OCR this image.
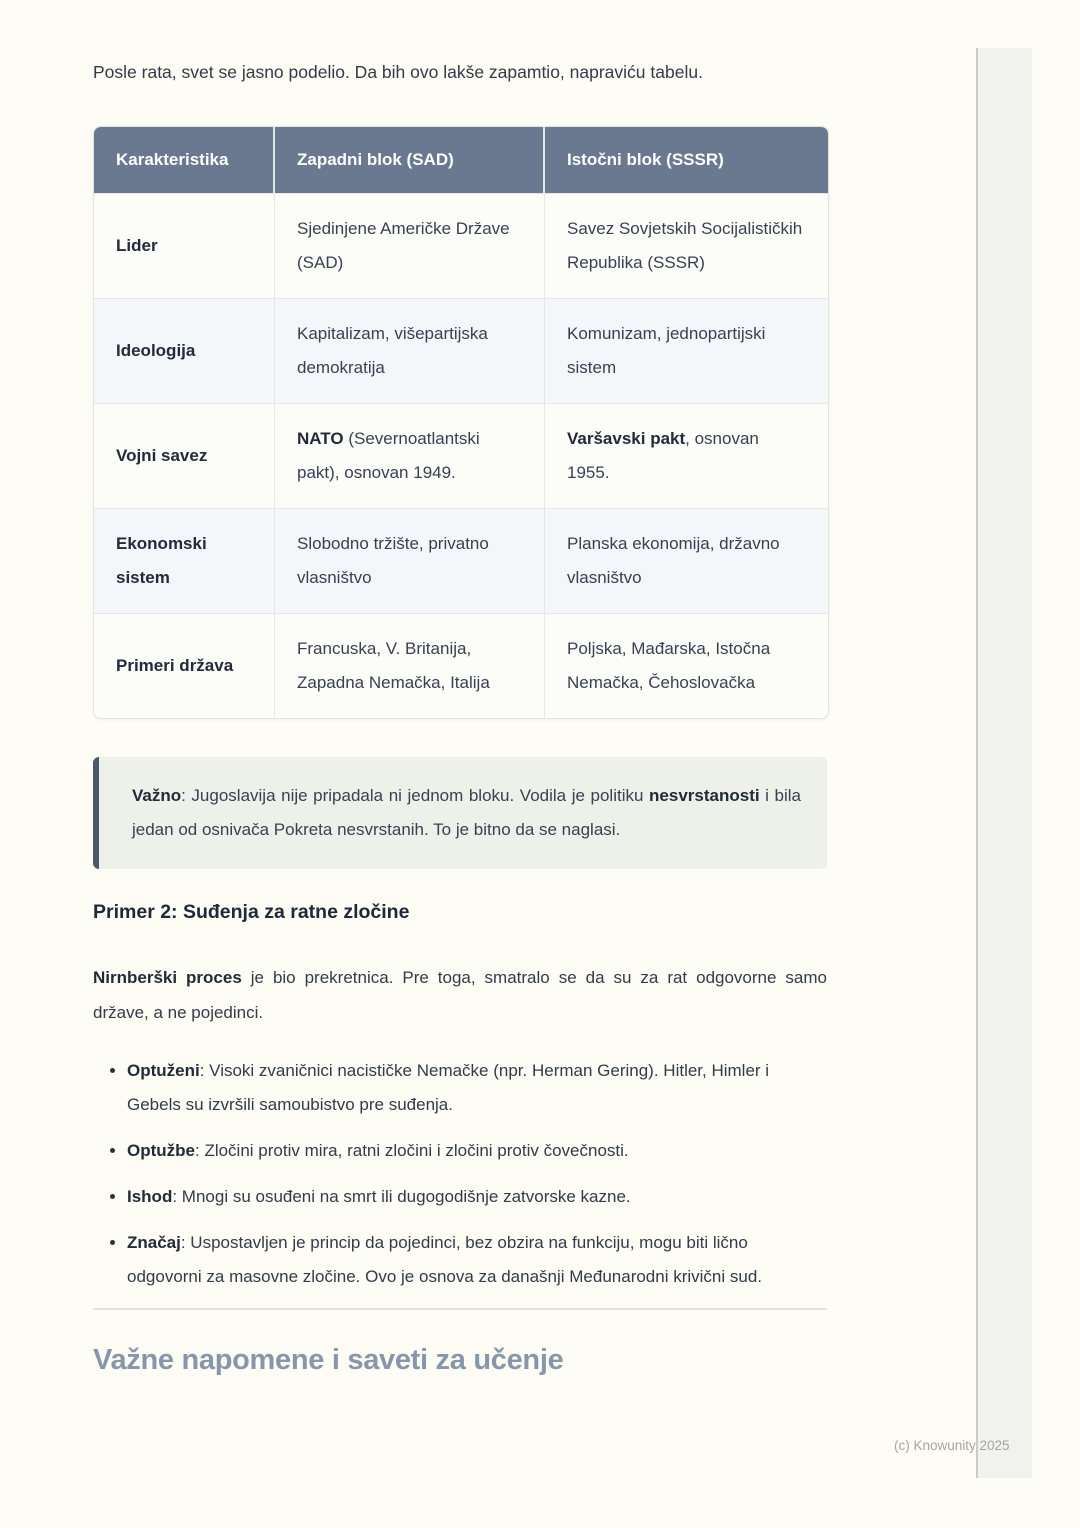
Posle rata, svet se jasno podelio. Da bih ovo lakše zapamtio, napraviću tabelu.

Karakteristika	Zapadni blok (SAD)	Istočni blok (SSSR)
Lider	Sjedinjene Američke Države (SAD)	Savez Sovjetskih Socijalističkih Republika (SSSR)
Ideologija	Kapitalizam, višepartijska demokratija	Komunizam, jednopartijski sistem
Vojni savez	NATO (Severnoatlantski pakt), osnovan 1949.	Varšavski pakt, osnovan 1955.
Ekonomski sistem	Slobodno tržište, privatno vlasništvo	Planska ekonomija, državno vlasništvo
Primeri država	Francuska, V. Britanija, Zapadna Nemačka, Italija	Poljska, Mađarska, Istočna Nemačka, Čehoslovačka

Važno: Jugoslavija nije pripadala ni jednom bloku. Vodila je politiku nesvrstanosti i bila jedan od osnivača Pokreta nesvrstanih. To je bitno da se naglasi.

Primer 2: Suđenja za ratne zločine

Nirnberški proces je bio prekretnica. Pre toga, smatralo se da su za rat odgovorne samo države, a ne pojedinci.

• Optuženi: Visoki zvaničnici nacističke Nemačke (npr. Herman Gering). Hitler, Himler i Gebels su izvršili samoubistvo pre suđenja.
• Optužbe: Zločini protiv mira, ratni zločini i zločini protiv čovečnosti.
• Ishod: Mnogi su osuđeni na smrt ili dugogodišnje zatvorske kazne.
• Značaj: Uspostavljen je princip da pojedinci, bez obzira na funkciju, mogu biti lično odgovorni za masovne zločine. Ovo je osnova za današnji Međunarodni krivični sud.
Važne napomene i saveti za učenje
(c) Knowunity 2025
